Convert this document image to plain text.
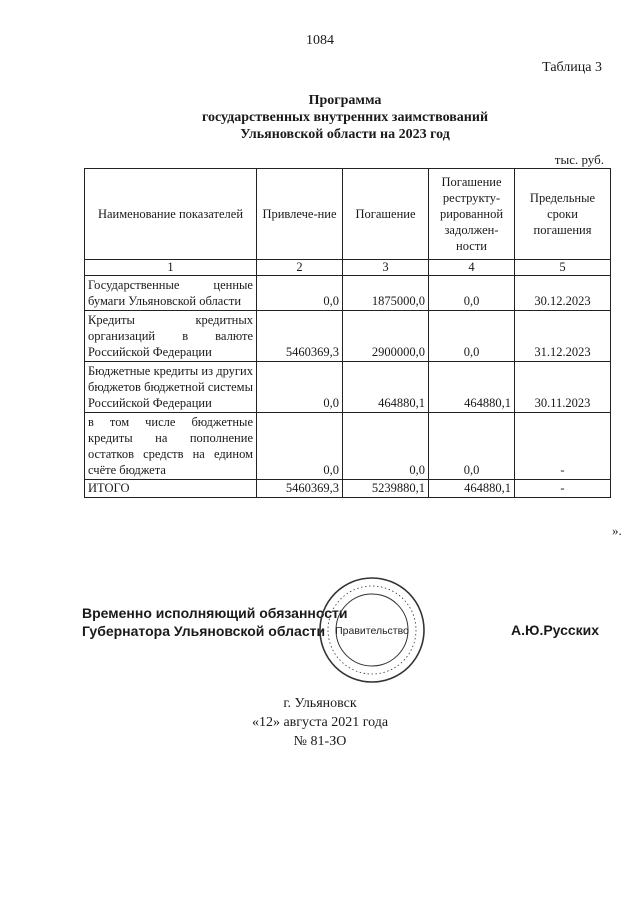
1084
Таблица 3
Программа
государственных внутренних заимствований
Ульяновской области на 2023 год
тыс. руб.
Наименование показателей	Привлече-ние	Погашение	Погашение реструкту-рированной задолжен-ности	Предельные сроки погашения
1	2	3	4	5
Государственные ценные бумаги Ульяновской области	0,0	1875000,0	0,0	30.12.2023
Кредиты кредитных организаций в валюте Российской Федерации	5460369,3	2900000,0	0,0	31.12.2023
Бюджетные кредиты из других бюджетов бюджетной системы Российской Федерации	0,0	464880,1	464880,1	30.11.2023
в том числе бюджетные кредиты на пополнение остатков средств на едином счёте бюджета	0,0	0,0	0,0	-
ИТОГО	5460369,3	5239880,1	464880,1	-
».
Временно исполняющий обязанности
Губернатора Ульяновской области Правительство	А.Ю.Русских
г. Ульяновск
«12» августа 2021 года
№ 81-ЗО
